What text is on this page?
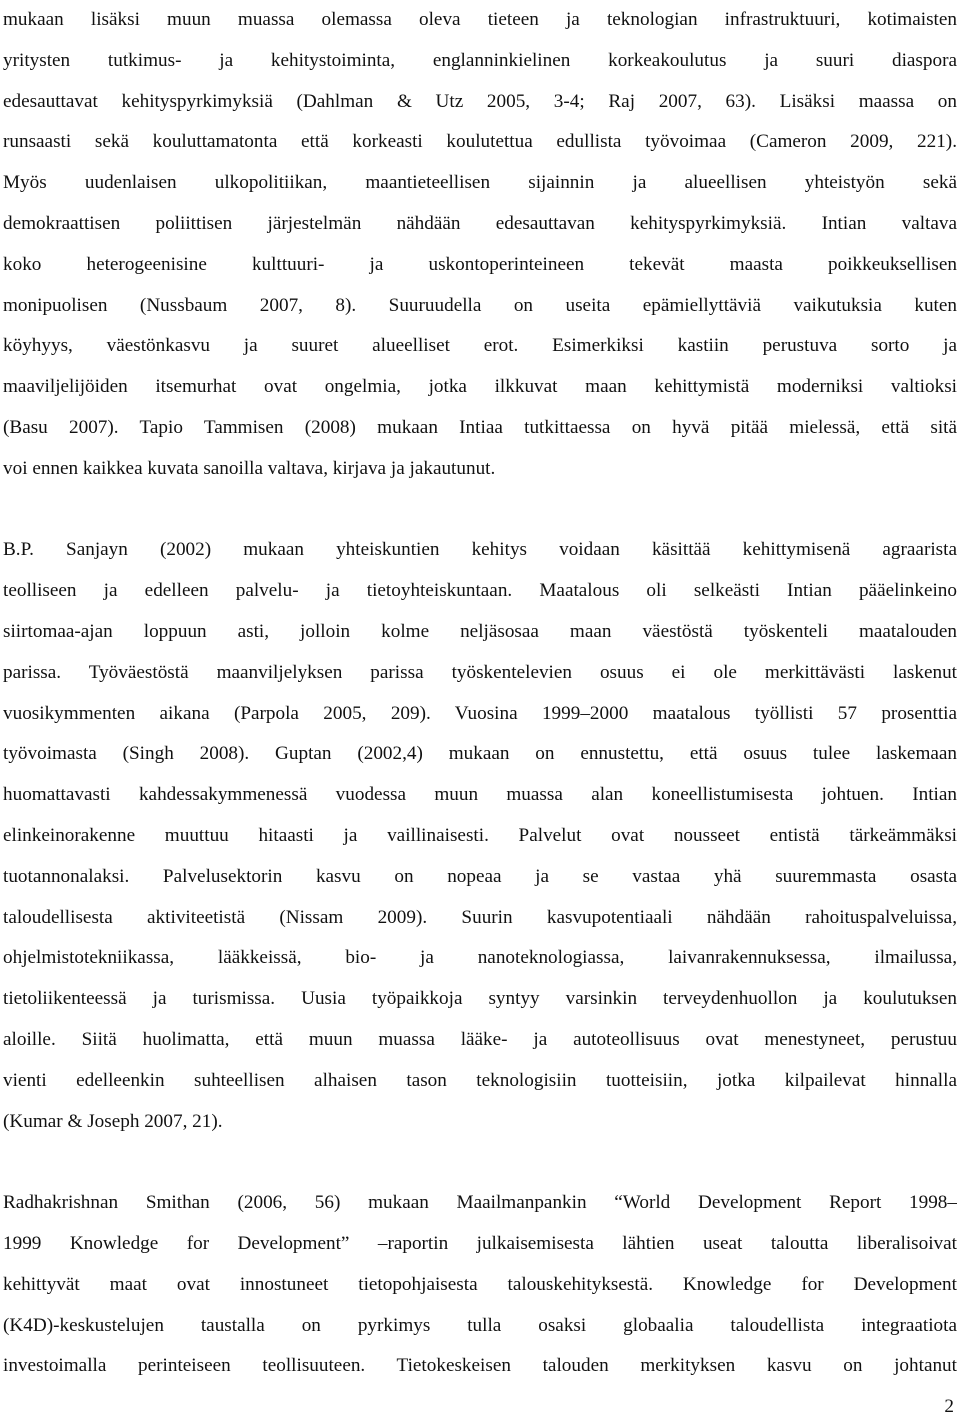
mukaan lisäksi muun muassa olemassa oleva tieteen ja teknologian infrastruktuuri, kotimaisten
yritysten tutkimus- ja kehitystoiminta, englanninkielinen korkeakoulutus ja suuri diaspora
edesauttavat kehityspyrkimyksiä (Dahlman & Utz 2005, 3-4; Raj 2007, 63). Lisäksi maassa on
runsaasti sekä kouluttamatonta että korkeasti koulutettua edullista työvoimaa (Cameron 2009, 221).
Myös uudenlaisen ulkopolitiikan, maantieteellisen sijainnin ja alueellisen yhteistyön sekä
demokraattisen poliittisen järjestelmän nähdään edesauttavan kehityspyrkimyksiä. Intian valtava
koko heterogeenisine kulttuuri- ja uskontoperinteineen tekevät maasta poikkeuksellisen
monipuolisen (Nussbaum 2007, 8). Suuruudella on useita epämiellyttäviä vaikutuksia kuten
köyhyys, väestönkasvu ja suuret alueelliset erot. Esimerkiksi kastiin perustuva sorto ja
maaviljelijöiden itsemurhat ovat ongelmia, jotka ilkkuvat maan kehittymistä moderniksi valtioksi
(Basu 2007). Tapio Tammisen (2008) mukaan Intiaa tutkittaessa on hyvä pitää mielessä, että sitä
voi ennen kaikkea kuvata sanoilla valtava, kirjava ja jakautunut.
B.P. Sanjayn (2002) mukaan yhteiskuntien kehitys voidaan käsittää kehittymisenä agraarista
teolliseen ja edelleen palvelu- ja tietoyhteiskuntaan. Maatalous oli selkeästi Intian pääelinkeino
siirtomaa-ajan loppuun asti, jolloin kolme neljäsosaa maan väestöstä työskenteli maatalouden
parissa. Työväestöstä maanviljelyksen parissa työskentelevien osuus ei ole merkittävästi laskenut
vuosikymmenten aikana (Parpola 2005, 209). Vuosina 1999–2000 maatalous työllisti 57 prosenttia
työvoimasta (Singh 2008). Guptan (2002,4) mukaan on ennustettu, että osuus tulee laskemaan
huomattavasti kahdessakymmenessä vuodessa muun muassa alan koneellistumisesta johtuen. Intian
elinkeinorakenne muuttuu hitaasti ja vaillinaisesti. Palvelut ovat nousseet entistä tärkeämmäksi
tuotannonalaksi. Palvelusektorin kasvu on nopeaa ja se vastaa yhä suuremmasta osasta
taloudellisesta aktiviteetistä (Nissam 2009). Suurin kasvupotentiaali nähdään rahoituspalveluissa,
ohjelmistotekniikassa, lääkkeissä, bio- ja nanoteknologiassa, laivanrakennuksessa, ilmailussa,
tietoliikenteessä ja turismissa. Uusia työpaikkoja syntyy varsinkin terveydenhuollon ja koulutuksen
aloille. Siitä huolimatta, että muun muassa lääke- ja autoteollisuus ovat menestyneet, perustuu
vienti edelleenkin suhteellisen alhaisen tason teknologisiin tuotteisiin, jotka kilpailevat hinnalla
(Kumar & Joseph 2007, 21).
Radhakrishnan Smithan (2006, 56) mukaan Maailmanpankin “World Development Report 1998–
1999 Knowledge for Development” –raportin julkaisemisesta lähtien useat taloutta liberalisoivat
kehittyvät maat ovat innostuneet tietopohjaisesta talouskehityksestä. Knowledge for Development
(K4D)-keskustelujen taustalla on pyrkimys tulla osaksi globaalia taloudellista integraatiota
investoimalla perinteiseen teollisuuteen. Tietokeskeisen talouden merkityksen kasvu on johtanut
2
